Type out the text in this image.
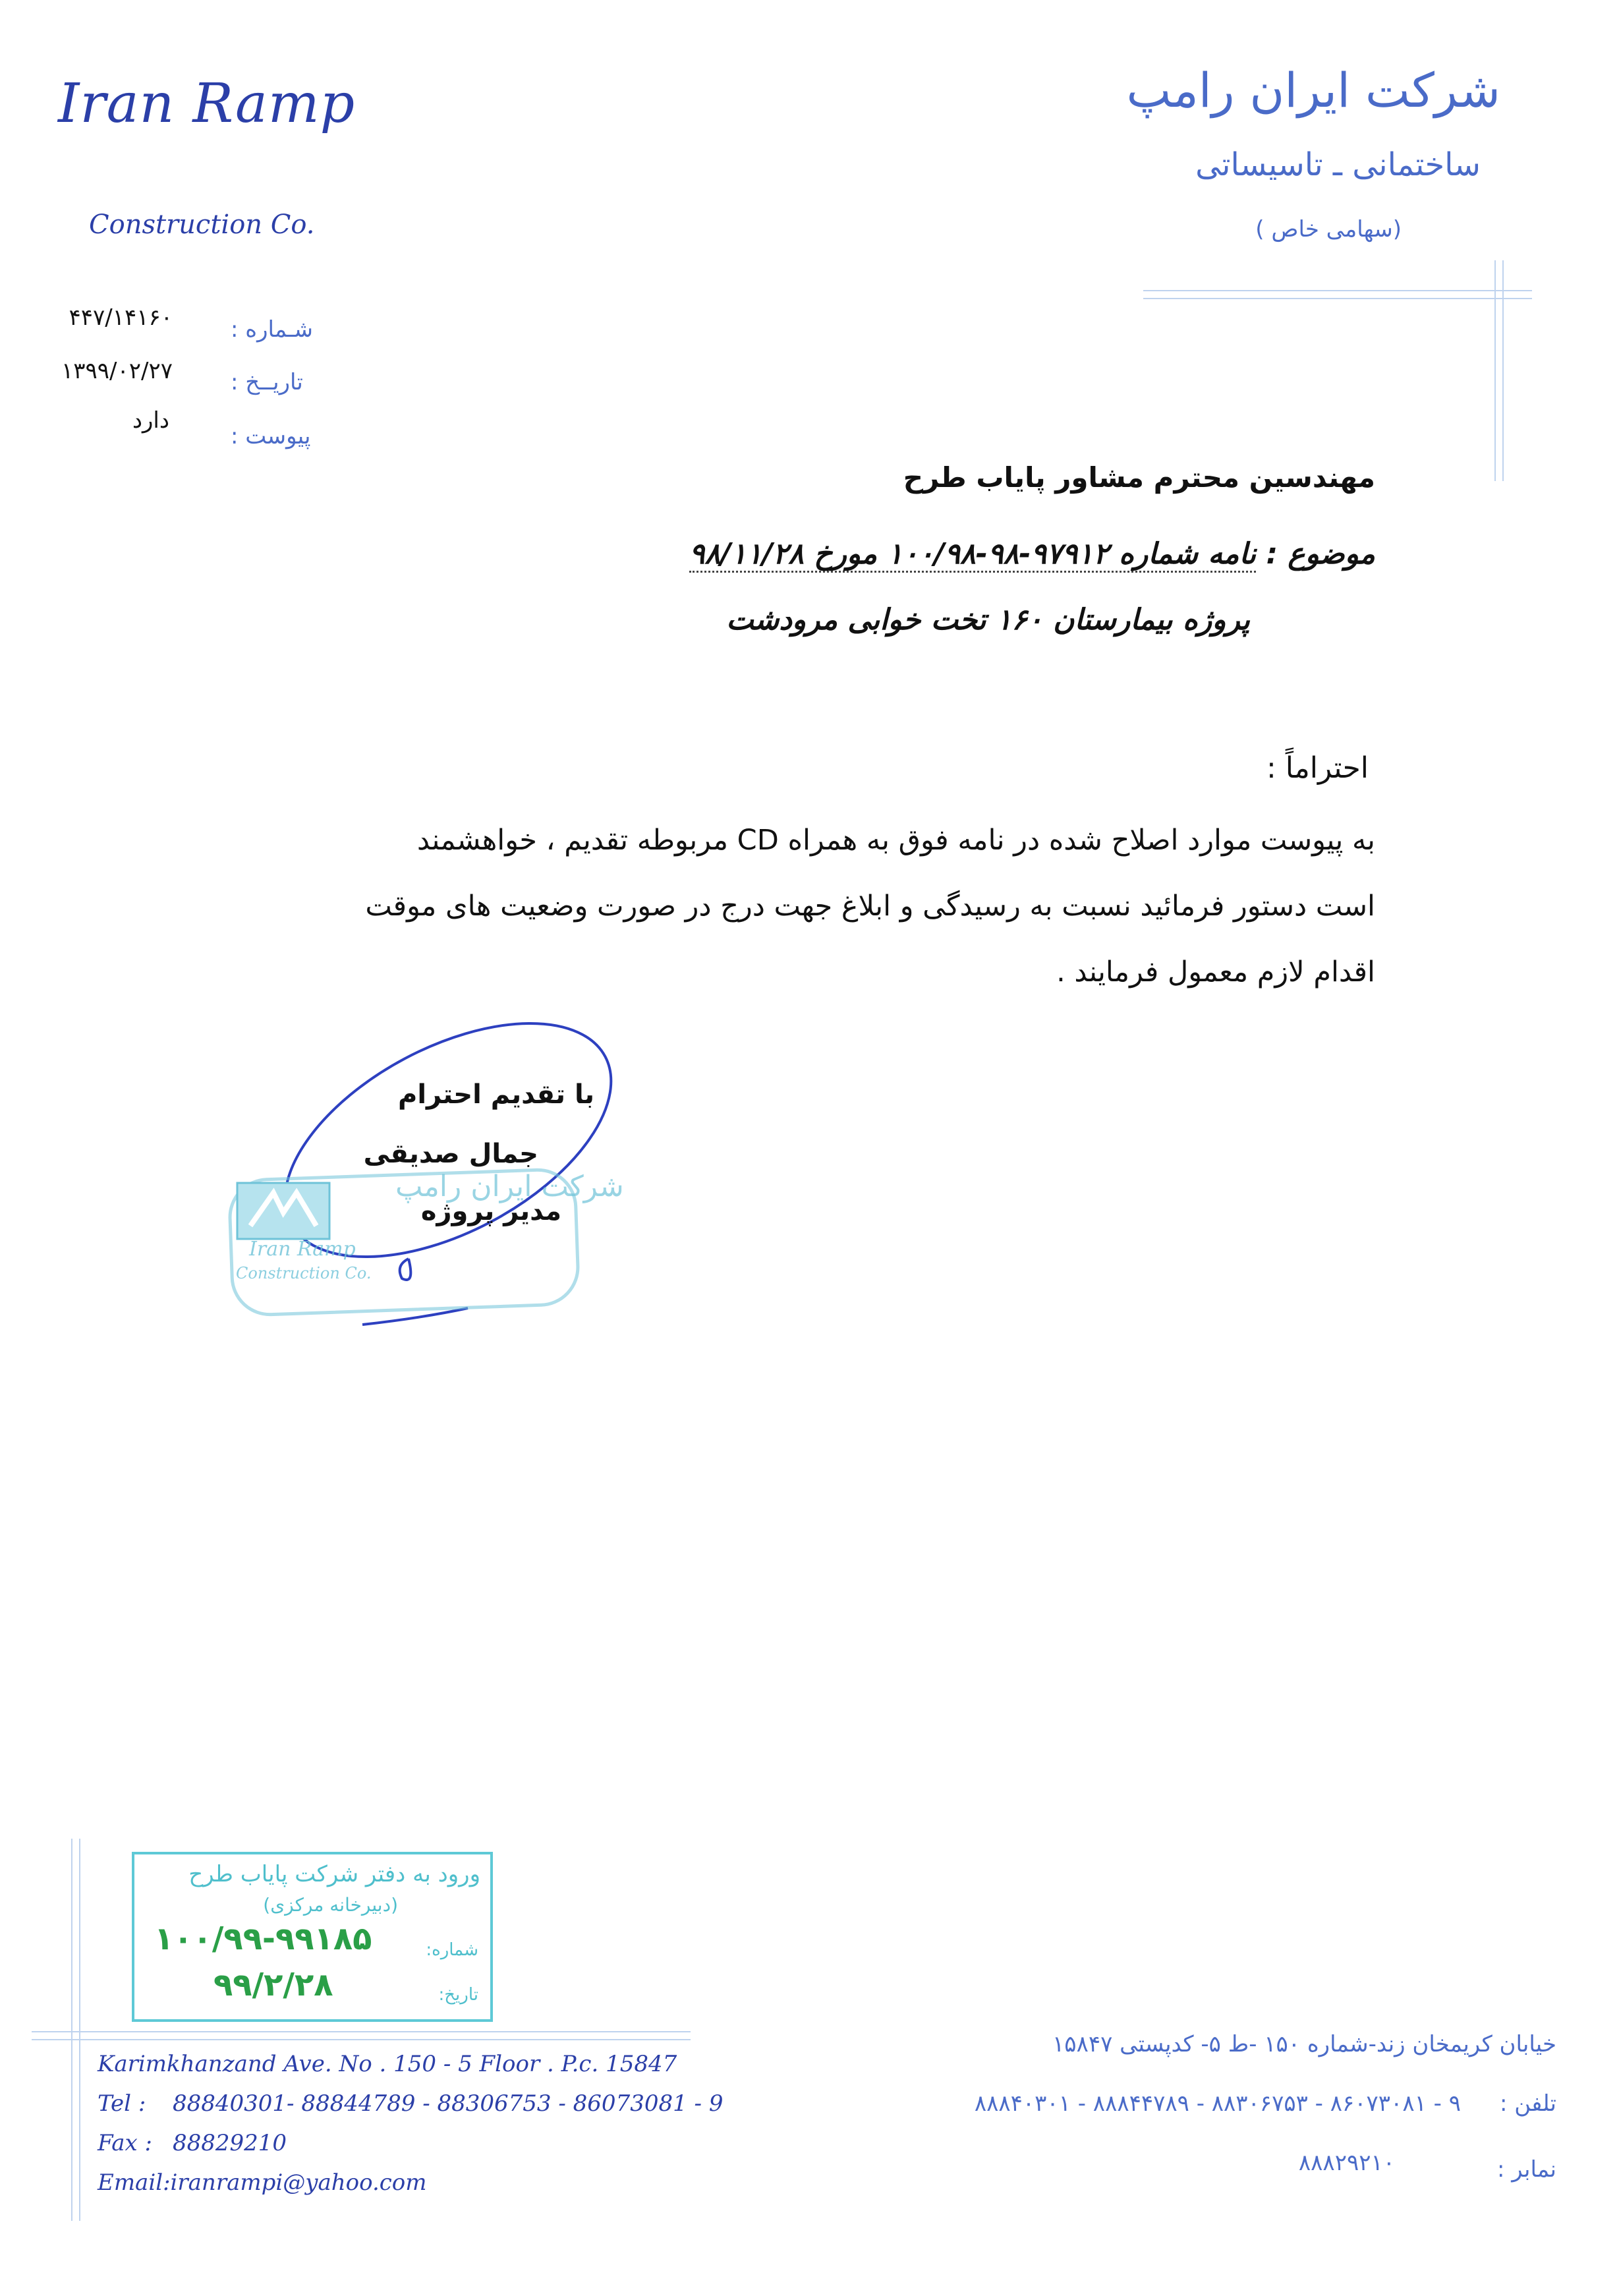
Iran Ramp
Construction Co.
شرکت ایران رامپ
ساختمانی ـ تاسیساتی
(سهامی خاص )
شـماره :
۴۴۷/۱۴۱۶۰
تاریــخ :
۱۳۹۹/۰۲/۲۷
پیوست :
دارد
مهندسین محترم مشاور پایاب طرح
موضوع : نامه شماره ۹۷۹۱۲-۹۸-۱۰۰/۹۸ مورخ ۹۸/۱۱/۲۸
پروژه بیمارستان ۱۶۰ تخت خوابی مرودشت
احتراماً :
به پیوست موارد اصلاح شده در نامه فوق به همراه CD مربوطه تقدیم ، خواهشمند
است دستور فرمائید نسبت به رسیدگی و ابلاغ جهت درج در صورت وضعیت های موقت
اقدام لازم معمول فرمایند .
شرکت ایران رامپ
Iran Ramp
Construction Co.
با تقدیم احترام
جمال صدیقی
مدیر پروژه
ورود به دفتر شرکت پایاب طرح
(دبیرخانه مرکزی)
شماره:
۱۰۰/۹۹-۹۹۱۸۵
تاریخ:
۹۹/۲/۲۸
Karimkhanzand Ave. No . 150 - 5 Floor . P.c. 15847
Tel : 88840301- 88844789 - 88306753 - 86073081 - 9
Fax : 88829210
Email:iranrampi@yahoo.com
خیابان کریمخان زند-شماره ۱۵۰ -ط ۵- کدپستی ۱۵۸۴۷
تلفن :
۸۸۸۴۰۳۰۱ - ۸۸۸۴۴۷۸۹ - ۸۸۳۰۶۷۵۳ - ۸۶۰۷۳۰۸۱ - ۹
نمابر :
۸۸۸۲۹۲۱۰
